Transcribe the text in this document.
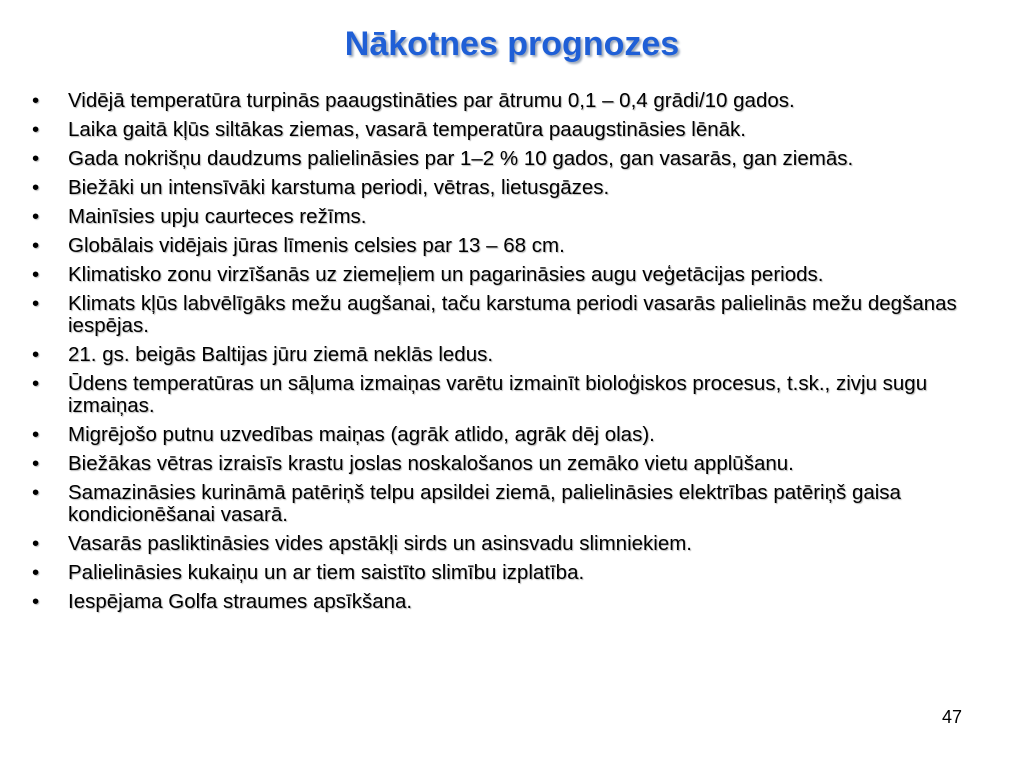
Nākotnes prognozes
•	Vidējā temperatūra turpinās paaugstināties par ātrumu 0,1 – 0,4 grādi/10 gados.
•	Laika gaitā kļūs siltākas ziemas, vasarā temperatūra paaugstināsies lēnāk.
•	Gada nokrišņu daudzums palielināsies par 1–2 % 10 gados, gan vasarās, gan ziemās.
•	Biežāki un intensīvāki karstuma periodi, vētras, lietusgāzes.
•	Mainīsies upju caurteces režīms.
•	Globālais vidējais jūras līmenis celsies par 13 – 68 cm.
•	Klimatisko zonu virzīšanās uz ziemeļiem un pagarināsies augu veģetācijas periods.
•	Klimats kļūs labvēlīgāks mežu augšanai, taču karstuma periodi vasarās palielinās mežu degšanas iespējas.
•	21. gs. beigās Baltijas jūru ziemā neklās ledus.
•	Ūdens temperatūras un sāļuma izmaiņas varētu izmainīt bioloģiskos procesus, t.sk., zivju sugu izmaiņas.
•	Migrējošo putnu uzvedības maiņas (agrāk atlido, agrāk dēj olas).
•	Biežākas vētras izraisīs krastu joslas noskalošanos un zemāko vietu applūšanu.
•	Samazināsies kurināmā patēriņš telpu apsildei ziemā, palielināsies elektrības patēriņš gaisa kondicionēšanai vasarā.
•	Vasarās pasliktināsies vides apstākļi sirds un asinsvadu slimniekiem.
•	Palielināsies kukaiņu un ar tiem saistīto slimību izplatība.
•	Iespējama Golfa straumes apsīkšana.
47
